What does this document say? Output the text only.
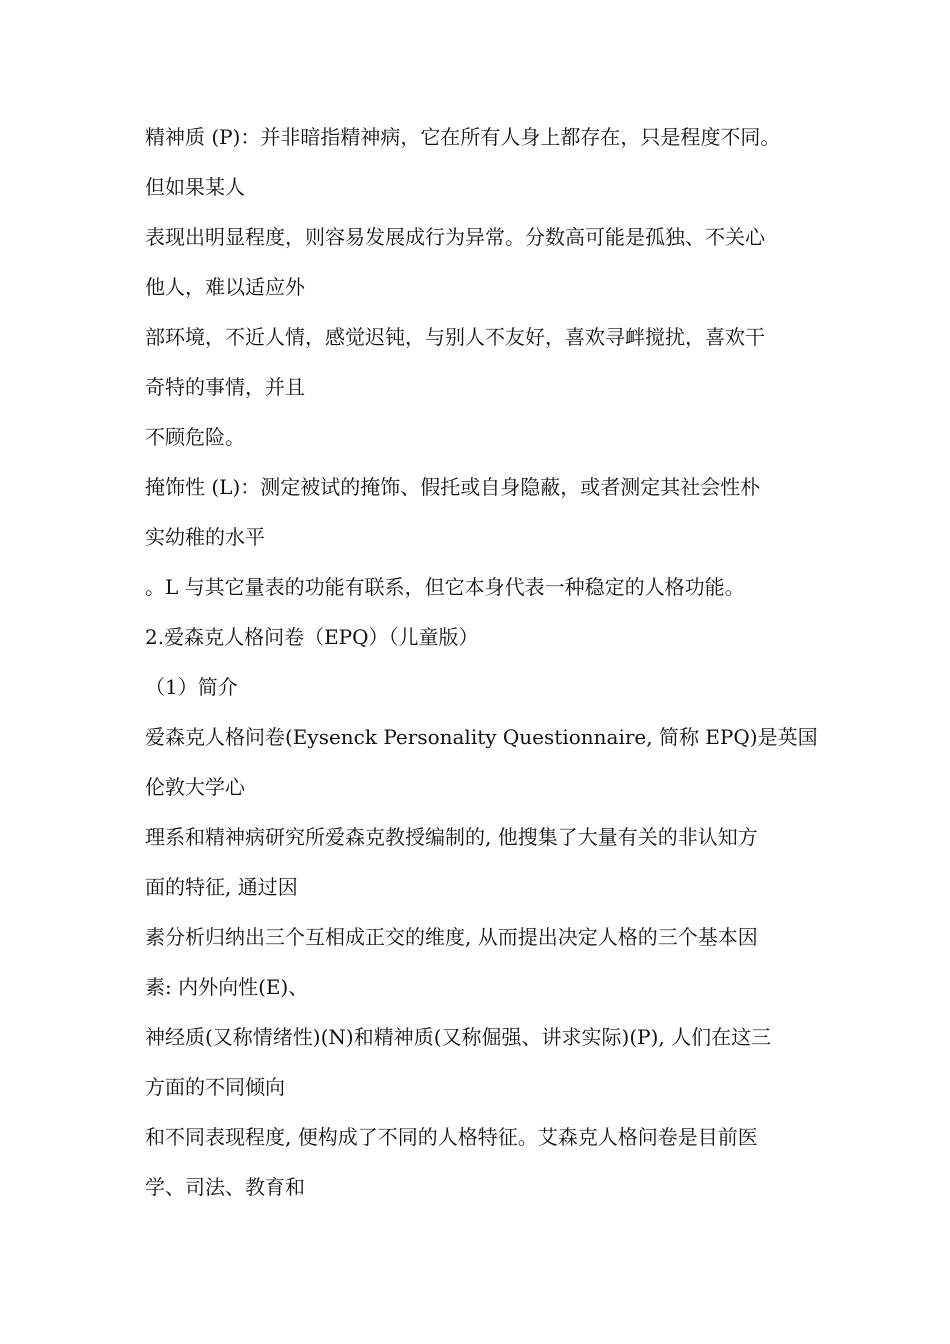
精神质 (P)：并非暗指精神病，它在所有人身上都存在，只是程度不同。
但如果某人
表现出明显程度，则容易发展成行为异常。分数高可能是孤独、不关心
他人，难以适应外
部环境，不近人情，感觉迟钝，与别人不友好，喜欢寻衅搅扰，喜欢干
奇特的事情，并且
不顾危险。
掩饰性 (L)：测定被试的掩饰、假托或自身隐蔽，或者测定其社会性朴
实幼稚的水平
。L 与其它量表的功能有联系，但它本身代表一种稳定的人格功能。
2.爱森克人格问卷（EPQ）（儿童版）
（1）简介
爱森克人格问卷(Eysenck Personality Questionnaire, 简称 EPQ)是英国
伦敦大学心
理系和精神病研究所爱森克教授编制的, 他搜集了大量有关的非认知方
面的特征, 通过因
素分析归纳出三个互相成正交的维度, 从而提出决定人格的三个基本因
素: 内外向性(E)、
神经质(又称情绪性)(N)和精神质(又称倔强、讲求实际)(P), 人们在这三
方面的不同倾向
和不同表现程度, 便构成了不同的人格特征。艾森克人格问卷是目前医
学、司法、教育和
